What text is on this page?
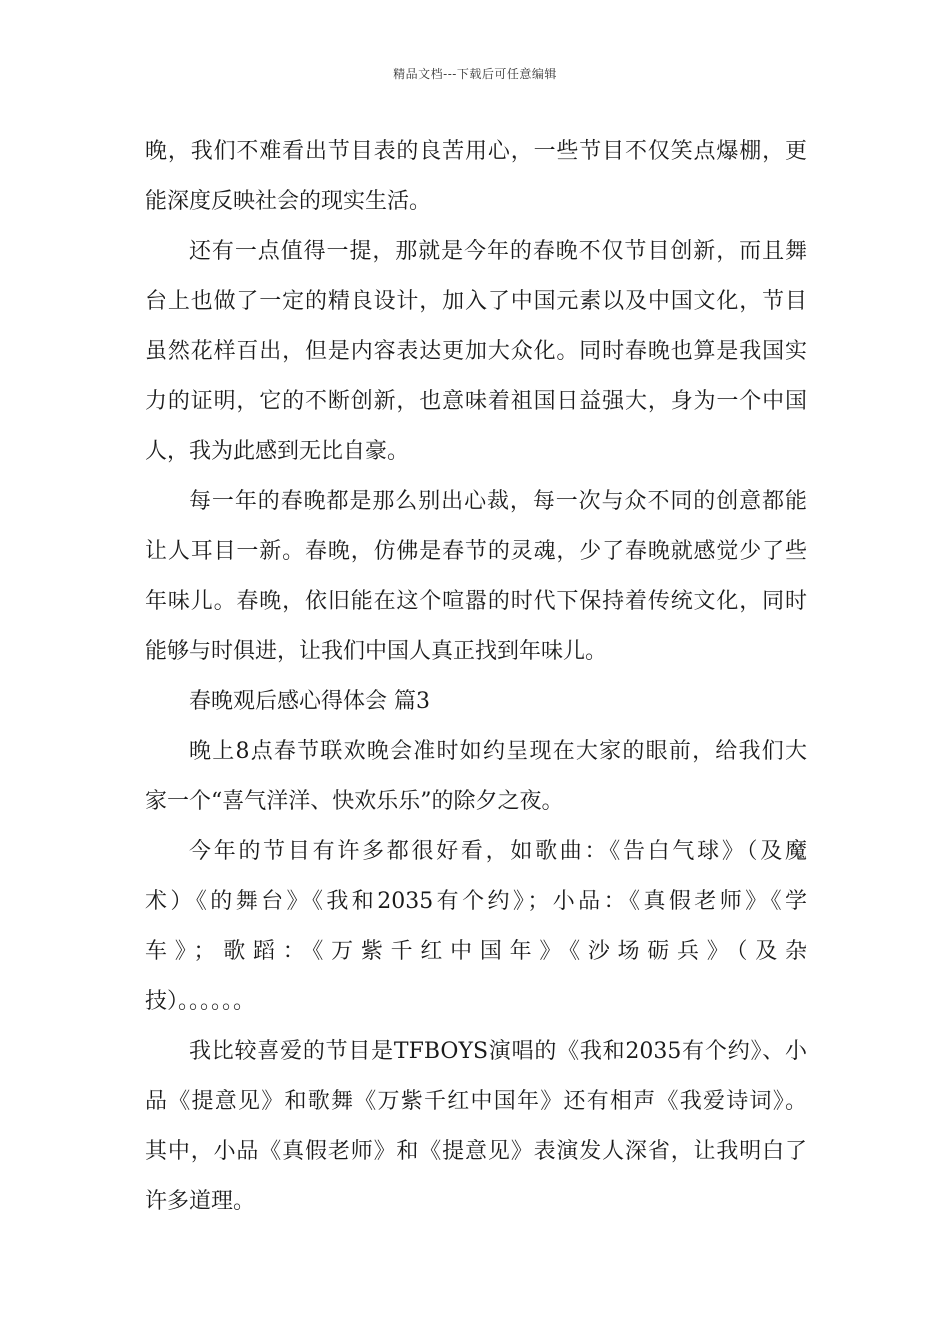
精品文档---下载后可任意编辑
晚，我们不难看出节目表的良苦用心，一些节目不仅笑点爆棚，更
能深度反映社会的现实生活。
还有一点值得一提，那就是今年的春晚不仅节目创新，而且舞
台上也做了一定的精良设计，加入了中国元素以及中国文化，节目
虽然花样百出，但是内容表达更加大众化。同时春晚也算是我国实
力的证明，它的不断创新，也意味着祖国日益强大，身为一个中国
人，我为此感到无比自豪。
每一年的春晚都是那么别出心裁，每一次与众不同的创意都能
让人耳目一新。春晚，仿佛是春节的灵魂，少了春晚就感觉少了些
年味儿。春晚，依旧能在这个喧嚣的时代下保持着传统文化，同时
能够与时俱进，让我们中国人真正找到年味儿。
春晚观后感心得体会 篇3
晚上8点春节联欢晚会准时如约呈现在大家的眼前，给我们大
家一个“喜气洋洋、快欢乐乐”的除夕之夜。
今年的节目有许多都很好看，如歌曲：《告白气球》（及魔
术）《的舞台》《我和2035有个约》；小品：《真假老师》《学
车》；歌蹈：《万紫千红中国年》《沙场砺兵》（及杂
技）。。。。。。
我比较喜爱的节目是TFBOYS演唱的《我和2035有个约》、小
品《提意见》和歌舞《万紫千红中国年》还有相声《我爱诗词》。
其中，小品《真假老师》和《提意见》表演发人深省，让我明白了
许多道理。
